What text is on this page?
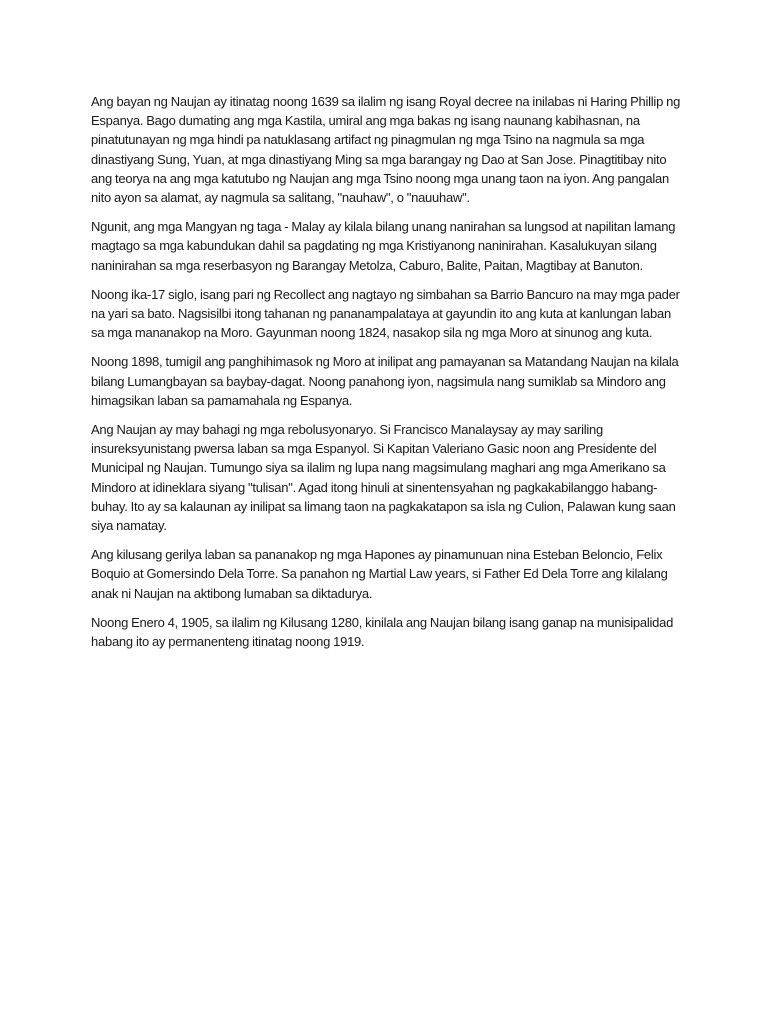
Ang bayan ng Naujan ay itinatag noong 1639 sa ilalim ng isang Royal decree na inilabas ni Haring Phillip ng Espanya. Bago dumating ang mga Kastila, umiral ang mga bakas ng isang naunang kabihasnan, na pinatutunayan ng mga hindi pa natuklasang artifact ng pinagmulan ng mga Tsino na nagmula sa mga dinastiyang Sung, Yuan, at mga dinastiyang Ming sa mga barangay ng Dao at San Jose. Pinagtitibay nito ang teorya na ang mga katutubo ng Naujan ang mga Tsino noong mga unang taon na iyon. Ang pangalan nito ayon sa alamat, ay nagmula sa salitang, "nauhaw", o "nauuhaw".

Ngunit, ang mga Mangyan ng taga - Malay ay kilala bilang unang nanirahan sa lungsod at napilitan lamang magtago sa mga kabundukan dahil sa pagdating ng mga Kristiyanong naninirahan. Kasalukuyan silang naninirahan sa mga reserbasyon ng Barangay Metolza, Caburo, Balite, Paitan, Magtibay at Banuton.

Noong ika-17 siglo, isang pari ng Recollect ang nagtayo ng simbahan sa Barrio Bancuro na may mga pader na yari sa bato. Nagsisilbi itong tahanan ng pananampalataya at gayundin ito ang kuta at kanlungan laban sa mga mananakop na Moro. Gayunman noong 1824, nasakop sila ng mga Moro at sinunog ang kuta.

Noong 1898, tumigil ang panghihimasok ng Moro at inilipat ang pamayanan sa Matandang Naujan na kilala bilang Lumangbayan sa baybay-dagat. Noong panahong iyon, nagsimula nang sumiklab sa Mindoro ang himagsikan laban sa pamamahala ng Espanya.

Ang Naujan ay may bahagi ng mga rebolusyonaryo. Si Francisco Manalaysay ay may sariling insureksyunistang pwersa laban sa mga Espanyol. Si Kapitan Valeriano Gasic noon ang Presidente del Municipal ng Naujan. Tumungo siya sa ilalim ng lupa nang magsimulang maghari ang mga Amerikano sa Mindoro at idineklara siyang "tulisan". Agad itong hinuli at sinentensyahan ng pagkakabilanggo habang-buhay. Ito ay sa kalaunan ay inilipat sa limang taon na pagkakatapon sa isla ng Culion, Palawan kung saan siya namatay.

Ang kilusang gerilya laban sa pananakop ng mga Hapones ay pinamunuan nina Esteban Beloncio, Felix Boquio at Gomersindo Dela Torre. Sa panahon ng Martial Law years, si Father Ed Dela Torre ang kilalang anak ni Naujan na aktibong lumaban sa diktadurya.

Noong Enero 4, 1905, sa ilalim ng Kilusang 1280, kinilala ang Naujan bilang isang ganap na munisipalidad habang ito ay permanenteng itinatag noong 1919.
